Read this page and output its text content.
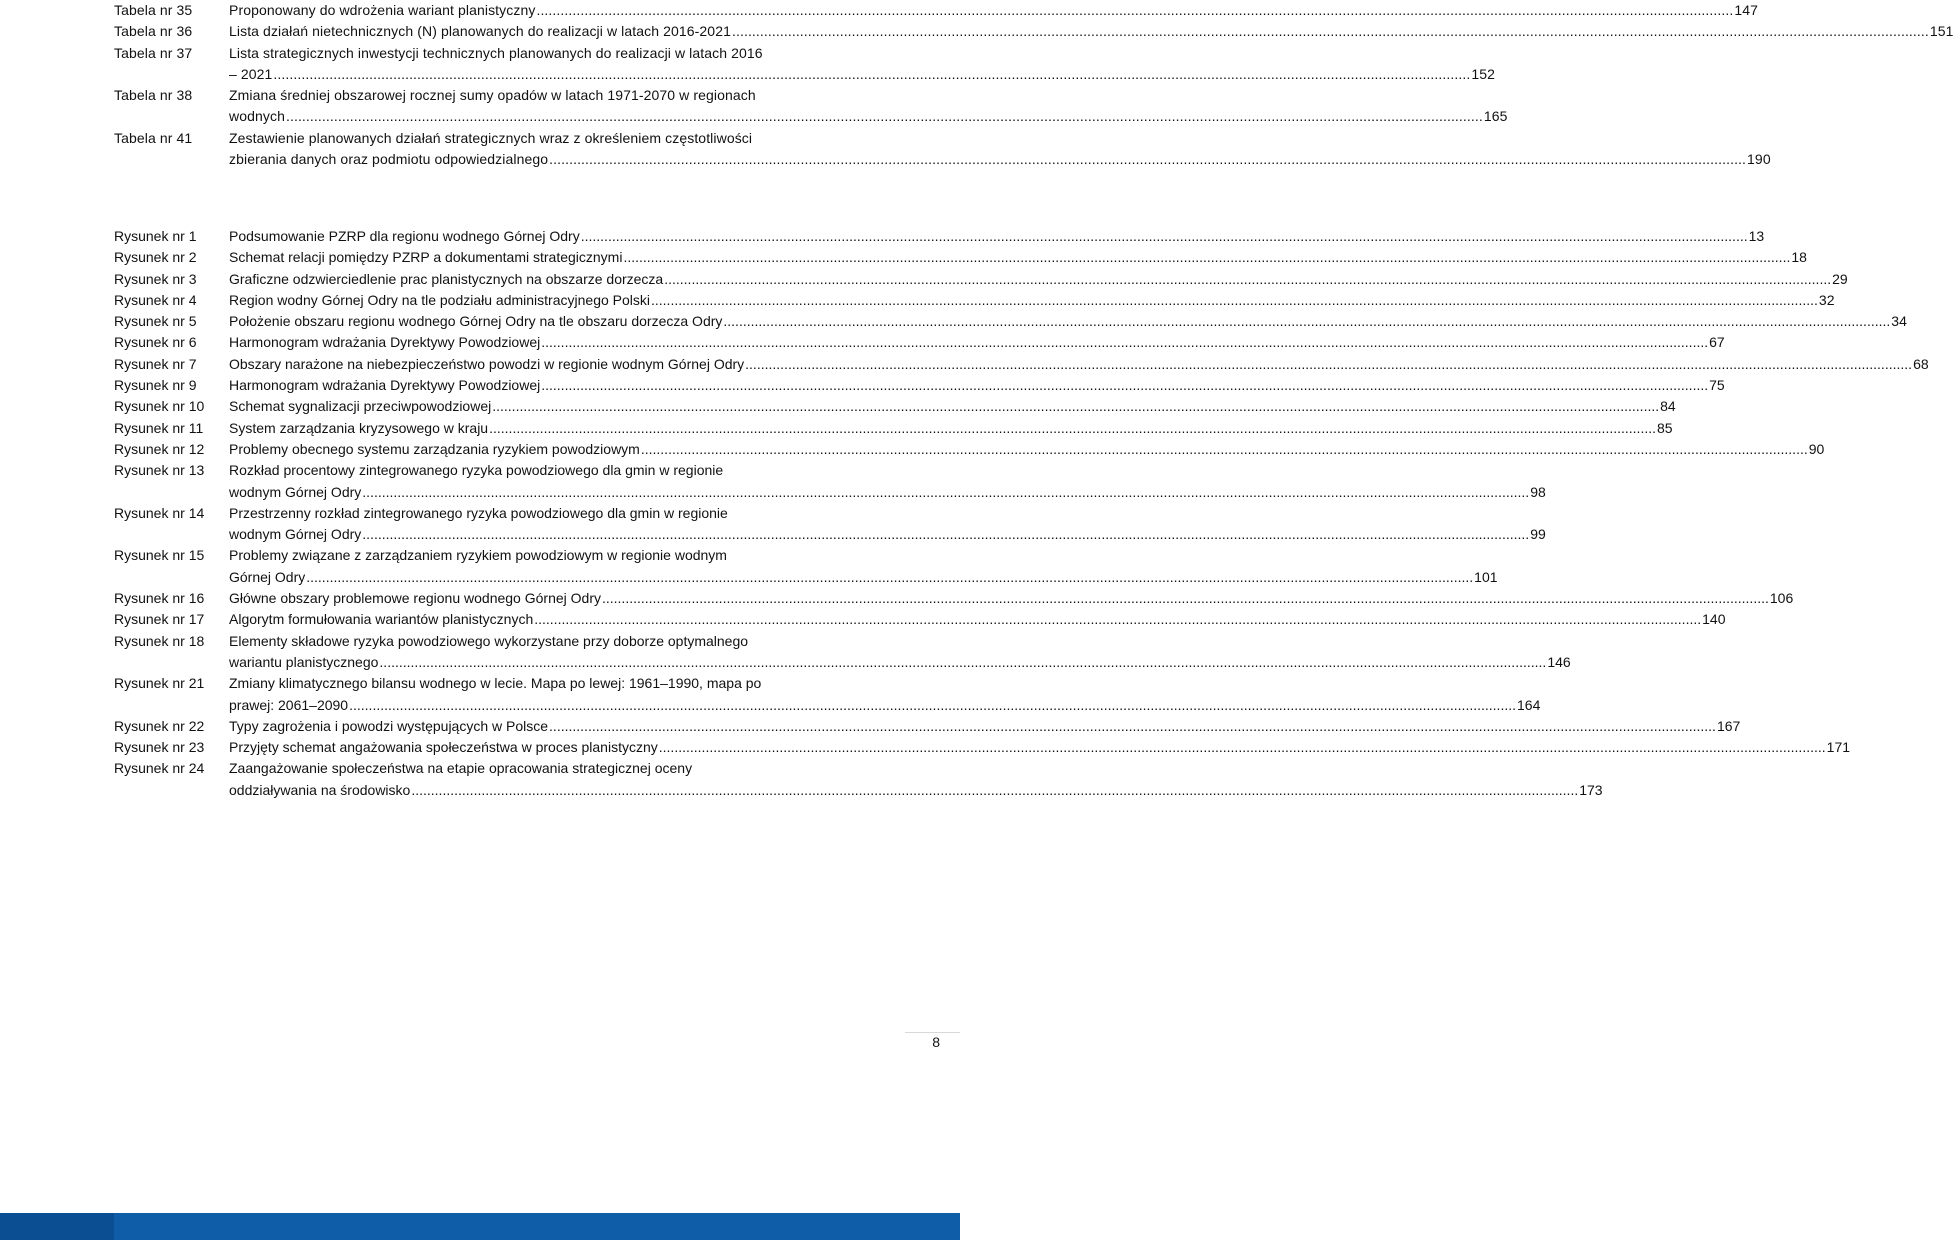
Tabela nr 35	Proponowany do wdrożenia wariant planistyczny ............................................................................................................................................................................................................................................................................................................ 147
Tabela nr 36	Lista działań nietechnicznych (N) planowanych do realizacji w latach 2016-2021 ............................................................................................................................................................................................................................................................................................................ 151
Tabela nr 37	Lista strategicznych inwestycji technicznych planowanych do realizacji w latach 2016
– 2021 ............................................................................................................................................................................................................................................................................................................ 152
Tabela nr 38	Zmiana średniej obszarowej rocznej sumy opadów w latach 1971-2070 w regionach
wodnych ............................................................................................................................................................................................................................................................................................................ 165
Tabela nr 41	Zestawienie planowanych działań strategicznych wraz z określeniem częstotliwości
zbierania danych oraz podmiotu odpowiedzialnego ............................................................................................................................................................................................................................................................................................................ 190
Rysunek nr 1	Podsumowanie PZRP dla regionu wodnego Górnej Odry ............................................................................................................................................................................................................................................................................................................ 13
Rysunek nr 2	Schemat relacji pomiędzy PZRP a dokumentami strategicznymi ............................................................................................................................................................................................................................................................................................................ 18
Rysunek nr 3	Graficzne odzwierciedlenie prac planistycznych na obszarze dorzecza ............................................................................................................................................................................................................................................................................................................ 29
Rysunek nr 4	Region wodny Górnej Odry na tle podziału administracyjnego Polski ............................................................................................................................................................................................................................................................................................................ 32
Rysunek nr 5	Położenie obszaru regionu wodnego Górnej Odry na tle obszaru dorzecza Odry ............................................................................................................................................................................................................................................................................................................ 34
Rysunek nr 6	Harmonogram wdrażania Dyrektywy Powodziowej ............................................................................................................................................................................................................................................................................................................ 67
Rysunek nr 7	Obszary narażone na niebezpieczeństwo powodzi w regionie wodnym Górnej Odry ............................................................................................................................................................................................................................................................................................................ 68
Rysunek nr 9	Harmonogram wdrażania Dyrektywy Powodziowej ............................................................................................................................................................................................................................................................................................................ 75
Rysunek nr 10	Schemat sygnalizacji przeciwpowodziowej ............................................................................................................................................................................................................................................................................................................ 84
Rysunek nr 11	System zarządzania kryzysowego w kraju ............................................................................................................................................................................................................................................................................................................ 85
Rysunek nr 12	Problemy obecnego systemu zarządzania ryzykiem powodziowym ............................................................................................................................................................................................................................................................................................................ 90
Rysunek nr 13	Rozkład procentowy zintegrowanego ryzyka powodziowego dla gmin w regionie
wodnym Górnej Odry ............................................................................................................................................................................................................................................................................................................ 98
Rysunek nr 14	Przestrzenny rozkład zintegrowanego ryzyka powodziowego dla gmin w regionie
wodnym Górnej Odry ............................................................................................................................................................................................................................................................................................................ 99
Rysunek nr 15	Problemy związane z zarządzaniem ryzykiem powodziowym w regionie wodnym
Górnej Odry ............................................................................................................................................................................................................................................................................................................ 101
Rysunek nr 16	Główne obszary problemowe regionu wodnego Górnej Odry ............................................................................................................................................................................................................................................................................................................ 106
Rysunek nr 17	Algorytm formułowania wariantów planistycznych ............................................................................................................................................................................................................................................................................................................ 140
Rysunek nr 18	Elementy składowe ryzyka powodziowego wykorzystane przy doborze optymalnego
wariantu planistycznego ............................................................................................................................................................................................................................................................................................................ 146
Rysunek nr 21	Zmiany klimatycznego bilansu wodnego w lecie. Mapa po lewej: 1961–1990, mapa po
prawej: 2061–2090 ............................................................................................................................................................................................................................................................................................................ 164
Rysunek nr 22	Typy zagrożenia i powodzi występujących w Polsce ............................................................................................................................................................................................................................................................................................................ 167
Rysunek nr 23	Przyjęty schemat angażowania społeczeństwa w proces planistyczny ............................................................................................................................................................................................................................................................................................................ 171
Rysunek nr 24	Zaangażowanie społeczeństwa na etapie opracowania strategicznej oceny
oddziaływania na środowisko ............................................................................................................................................................................................................................................................................................................ 173
8
